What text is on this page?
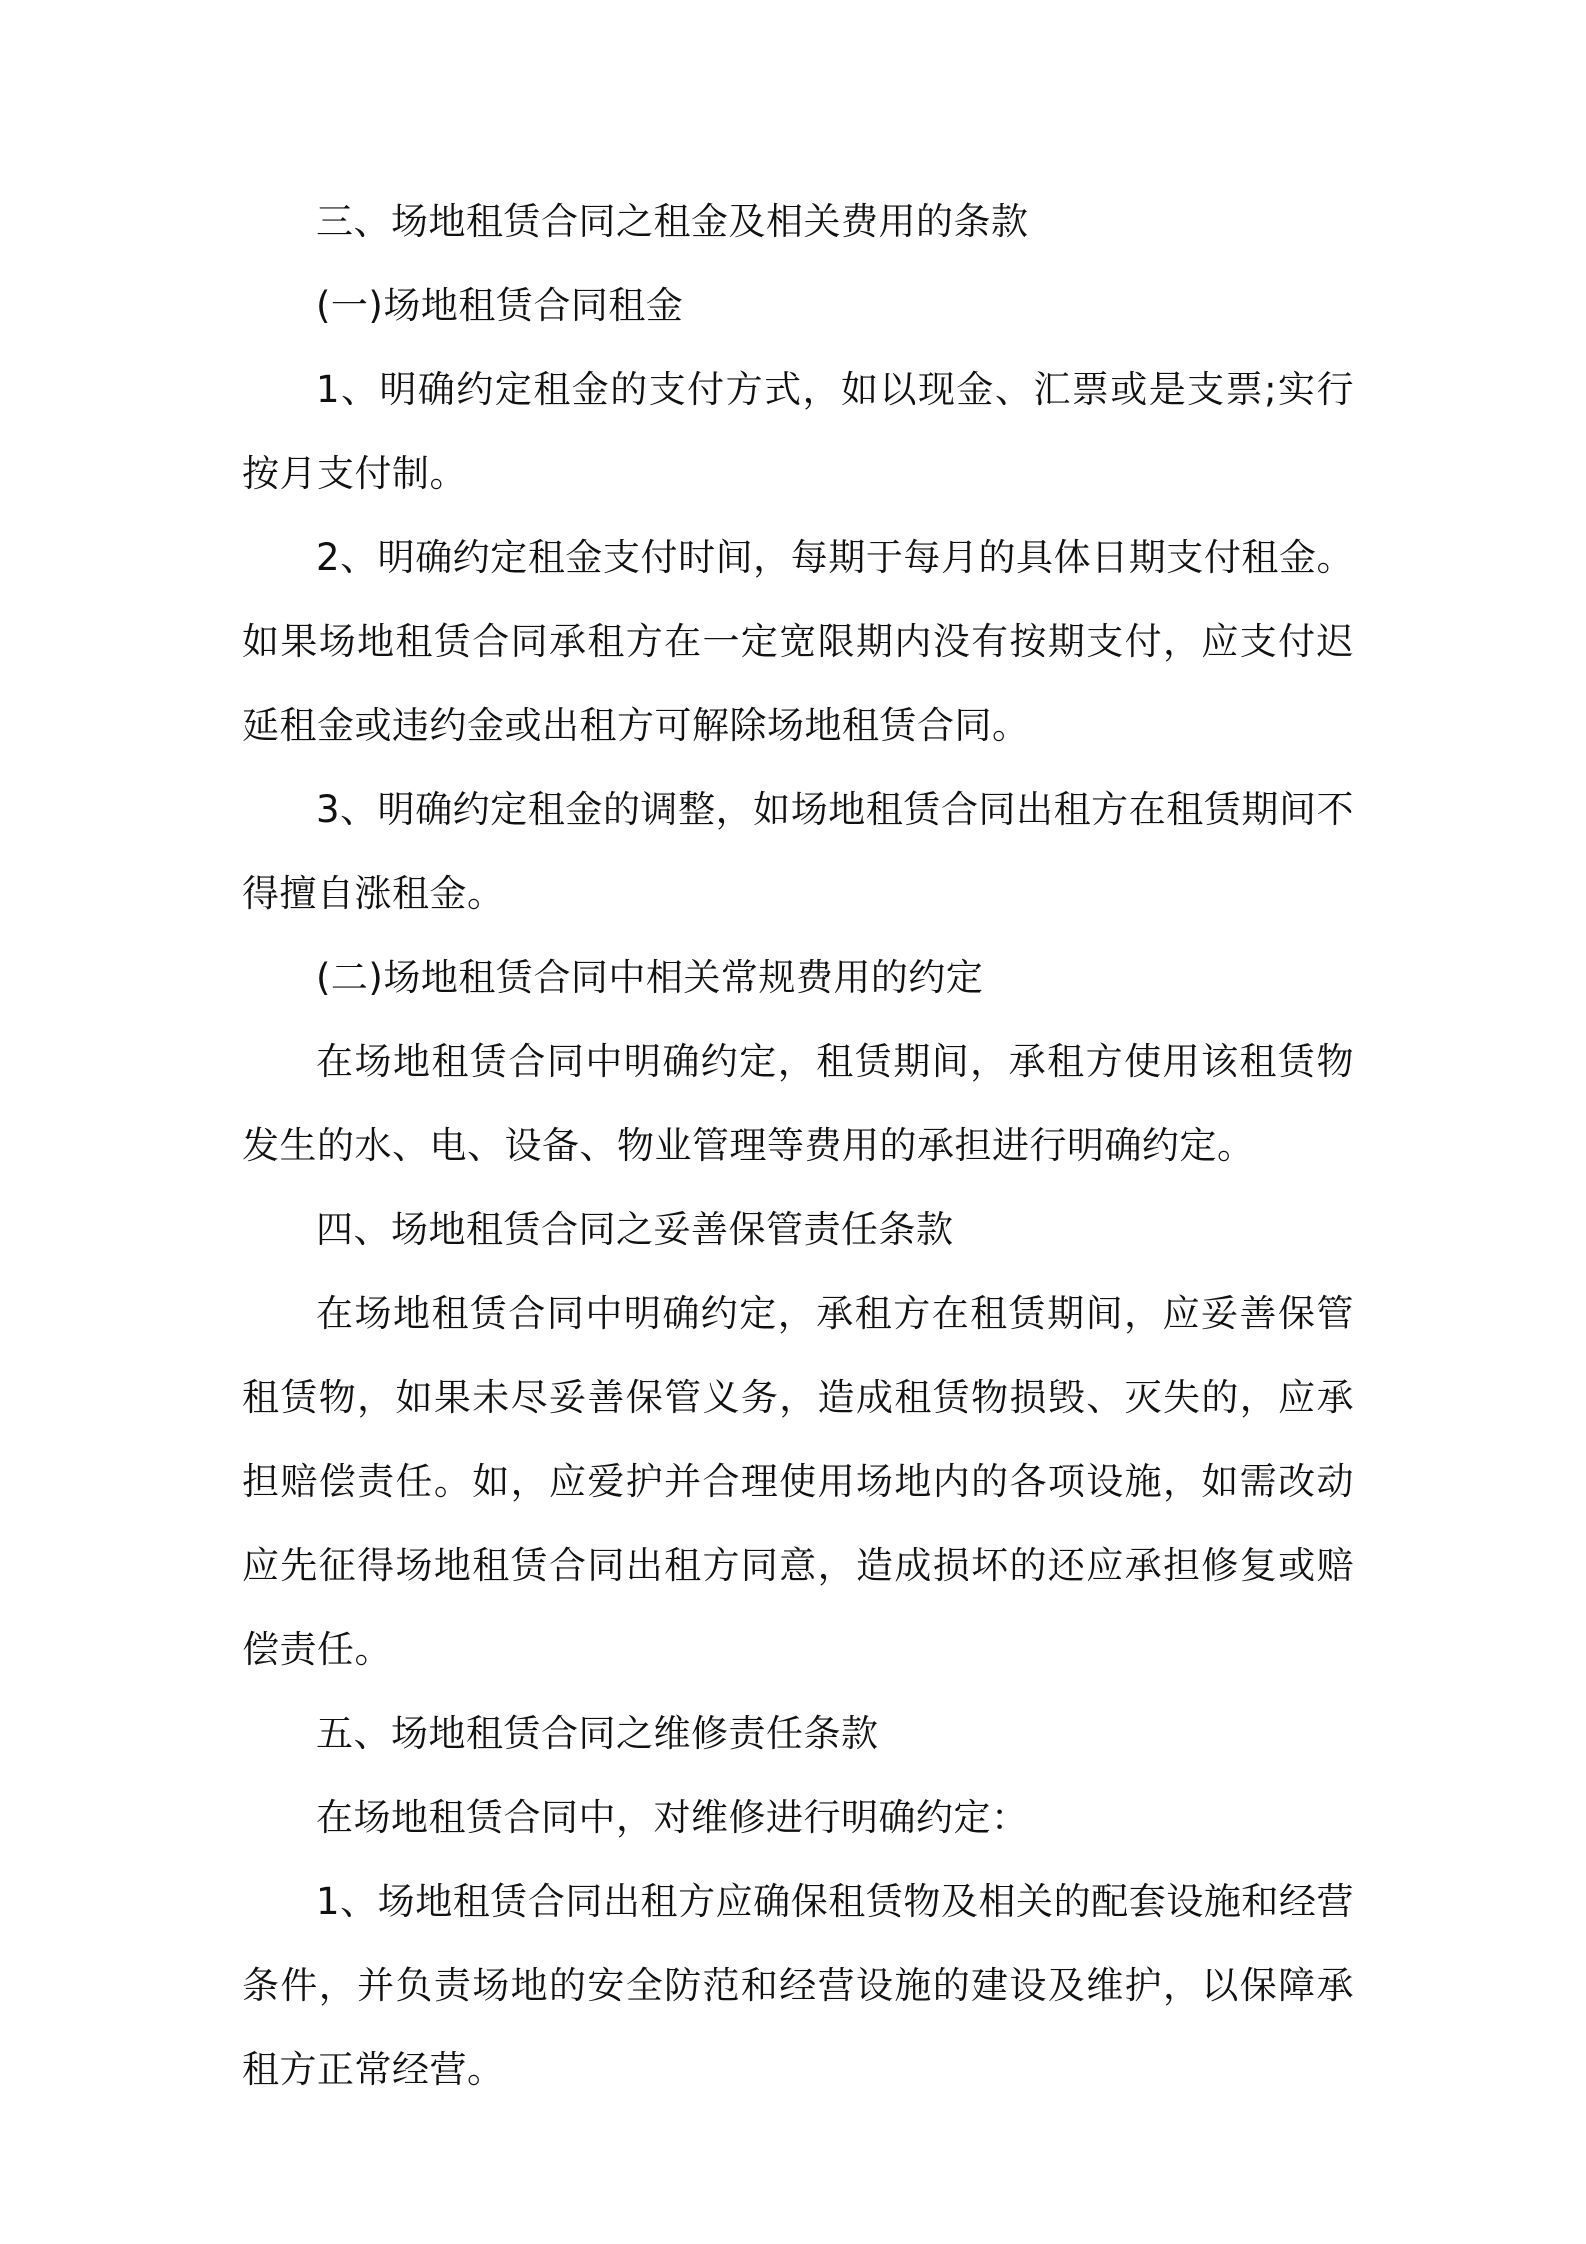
三、场地租赁合同之租金及相关费用的条款

(一)场地租赁合同租金

1、明确约定租金的支付方式，如以现金、汇票或是支票;实行按月支付制。

2、明确约定租金支付时间，每期于每月的具体日期支付租金。如果场地租赁合同承租方在一定宽限期内没有按期支付，应支付迟延租金或违约金或出租方可解除场地租赁合同。

3、明确约定租金的调整，如场地租赁合同出租方在租赁期间不得擅自涨租金。

(二)场地租赁合同中相关常规费用的约定

在场地租赁合同中明确约定，租赁期间，承租方使用该租赁物发生的水、电、设备、物业管理等费用的承担进行明确约定。

四、场地租赁合同之妥善保管责任条款

在场地租赁合同中明确约定，承租方在租赁期间，应妥善保管租赁物，如果未尽妥善保管义务，造成租赁物损毁、灭失的，应承担赔偿责任。如，应爱护并合理使用场地内的各项设施，如需改动应先征得场地租赁合同出租方同意，造成损坏的还应承担修复或赔偿责任。

五、场地租赁合同之维修责任条款

在场地租赁合同中，对维修进行明确约定：

1、场地租赁合同出租方应确保租赁物及相关的配套设施和经营条件，并负责场地的安全防范和经营设施的建设及维护，以保障承租方正常经营。
